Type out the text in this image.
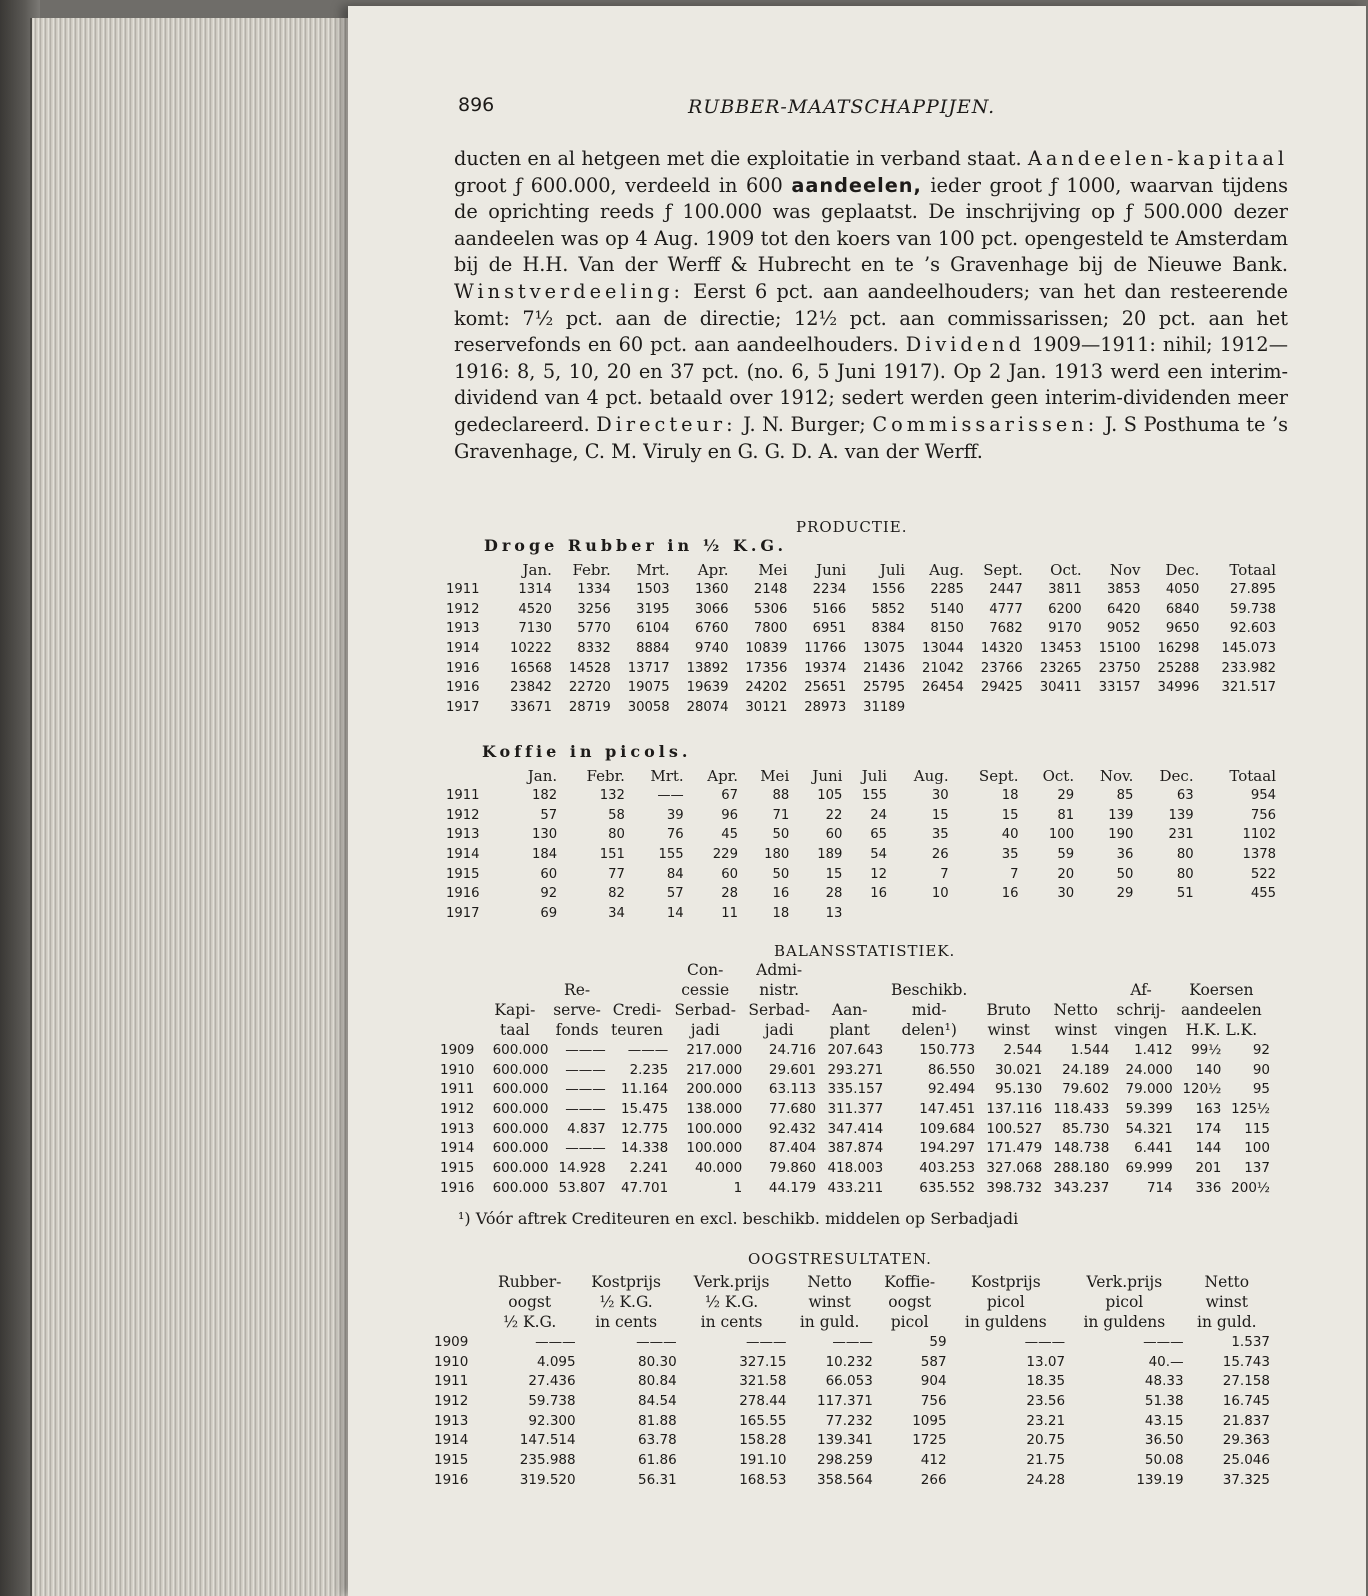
896	RUBBER-MAATSCHAPPIJEN.
ducten en al hetgeen met die exploitatie in verband staat. Aandeelen-kapitaal groot ƒ 600.000, verdeeld in 600 aandeelen, ieder groot ƒ 1000, waarvan tijdens de oprichting reeds ƒ 100.000 was geplaatst. De inschrijving op ƒ 500.000 dezer aandeelen was op 4 Aug. 1909 tot den koers van 100 pct. opengesteld te Amsterdam bij de H.H. Van der Werff & Hubrecht en te ’s Gravenhage bij de Nieuwe Bank. Winstverdeeling: Eerst 6 pct. aan aandeelhouders; van het dan resteerende komt: 7½ pct. aan de directie; 12½ pct. aan commissarissen; 20 pct. aan het reservefonds en 60 pct. aan aandeelhouders. Dividend 1909—1911: nihil; 1912—1916: 8, 5, 10, 20 en 37 pct. (no. 6, 5 Juni 1917). Op 2 Jan. 1913 werd een interim-dividend van 4 pct. betaald over 1912; sedert werden geen interim-dividenden meer gedeclareerd. Directeur: J. N. Burger; Commissarissen: J. S Posthuma te ’s Gravenhage, C. M. Viruly en G. G. D. A. van der Werff.
PRODUCTIE.
Droge Rubber in ½ K.G.
	Jan.	Febr.	Mrt.	Apr.	Mei	Juni	Juli	Aug.	Sept.	Oct.	Nov	Dec.	Totaal
1911	1314	1334	1503	1360	2148	2234	1556	2285	2447	3811	3853	4050	27.895
1912	4520	3256	3195	3066	5306	5166	5852	5140	4777	6200	6420	6840	59.738
1913	7130	5770	6104	6760	7800	6951	8384	8150	7682	9170	9052	9650	92.603
1914	10222	8332	8884	9740	10839	11766	13075	13044	14320	13453	15100	16298	145.073
1916	16568	14528	13717	13892	17356	19374	21436	21042	23766	23265	23750	25288	233.982
1916	23842	22720	19075	19639	24202	25651	25795	26454	29425	30411	33157	34996	321.517
1917	33671	28719	30058	28074	30121	28973	31189						
Koffie in picols.
	Jan.	Febr.	Mrt.	Apr.	Mei	Juni	Juli	Aug.	Sept.	Oct.	Nov.	Dec.	Totaal
1911	182	132	——	67	88	105	155	30	18	29	85	63	954
1912	57	58	39	96	71	22	24	15	15	81	139	139	756
1913	130	80	76	45	50	60	65	35	40	100	190	231	1102
1914	184	151	155	229	180	189	54	26	35	59	36	80	1378
1915	60	77	84	60	50	15	12	7	7	20	50	80	522
1916	92	82	57	28	16	28	16	10	16	30	29	51	455
1917	69	34	14	11	18	13							
BALANSSTATISTIEK.

Kapi-
taal	Re-
serve-
fonds	Credi-
teuren	Con-
cessie
Serbad-
jadi	Admi-
nistr.
Serbad-
jadi	Aan-
plant	Beschikb.
mid-
delen¹)	Bruto
winst	Netto
winst	Af-
schrij-
vingen	Koersen
aandeelen
H.K. L.K.	
1909	600.000	———	———	217.000	24.716	207.643	150.773	2.544	1.544	1.412	99½	92
1910	600.000	———	2.235	217.000	29.601	293.271	86.550	30.021	24.189	24.000	140	90
1911	600.000	———	11.164	200.000	63.113	335.157	92.494	95.130	79.602	79.000	120½	95
1912	600.000	———	15.475	138.000	77.680	311.377	147.451	137.116	118.433	59.399	163	125½
1913	600.000	4.837	12.775	100.000	92.432	347.414	109.684	100.527	85.730	54.321	174	115
1914	600.000	———	14.338	100.000	87.404	387.874	194.297	171.479	148.738	6.441	144	100
1915	600.000	14.928	2.241	40.000	79.860	418.003	403.253	327.068	288.180	69.999	201	137
1916	600.000	53.807	47.701	1	44.179	433.211	635.552	398.732	343.237	714	336	200½
¹) Vóór aftrek Crediteuren en excl. beschikb. middelen op Serbadjadi
OOGSTRESULTATEN.
	Rubber-
oogst
½ K.G.	Kostprijs
½ K.G.
in cents	Verk.prijs
½ K.G.
in cents	Netto
winst
in guld.	Koffie-
oogst
picol	Kostprijs
picol
in guldens	Verk.prijs
picol
in guldens	Netto
winst
in guld.
1909	———	———	———	———	59	———	———	1.537
1910	4.095	80.30	327.15	10.232	587	13.07	40.—	15.743
1911	27.436	80.84	321.58	66.053	904	18.35	48.33	27.158
1912	59.738	84.54	278.44	117.371	756	23.56	51.38	16.745
1913	92.300	81.88	165.55	77.232	1095	23.21	43.15	21.837
1914	147.514	63.78	158.28	139.341	1725	20.75	36.50	29.363
1915	235.988	61.86	191.10	298.259	412	21.75	50.08	25.046
1916	319.520	56.31	168.53	358.564	266	24.28	139.19	37.325
